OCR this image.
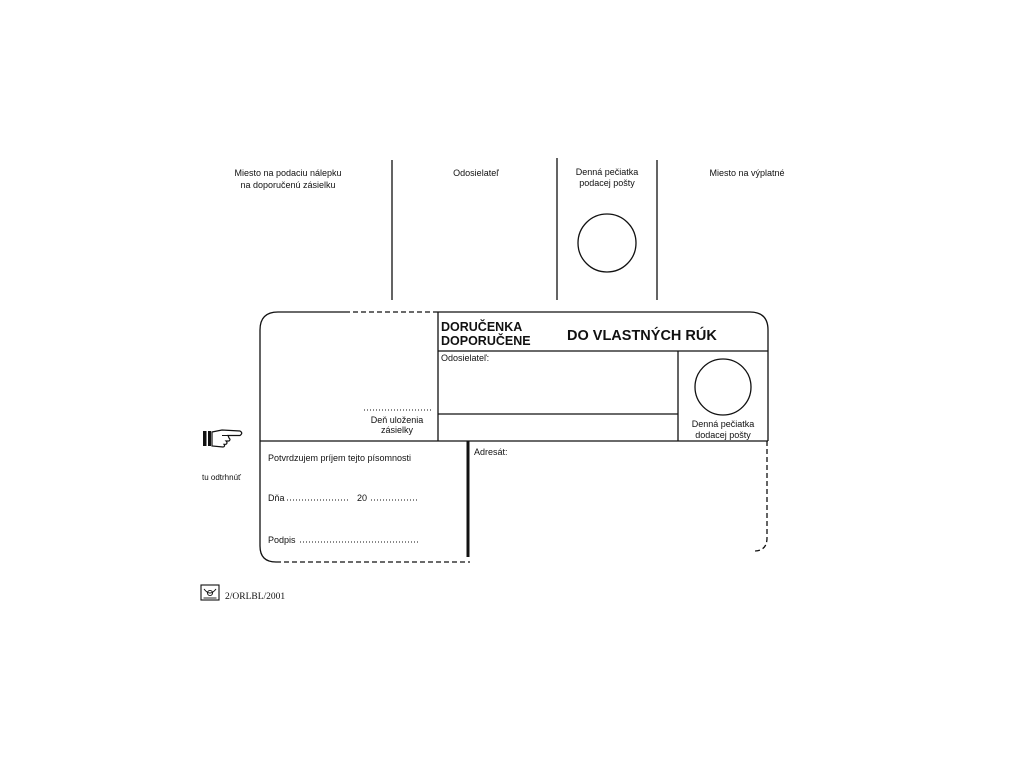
Miesto na podaciu nálepku
na doporučenú zásielku
Odosielateľ	Denná pečiatka
podacej pošty
Miesto na výplatné
DORUČENKA
DOPORUČENE	DO VLASTNÝCH RÚK
Odosielateľ:
Denná pečiatka
dodacej pošty
Deň uloženia
zásielky
Potvrdzujem príjem tejto písomnosti
Dňa	20
Podpis
Adresát:
tu odtrhnúť
2/ORLBL/2001
